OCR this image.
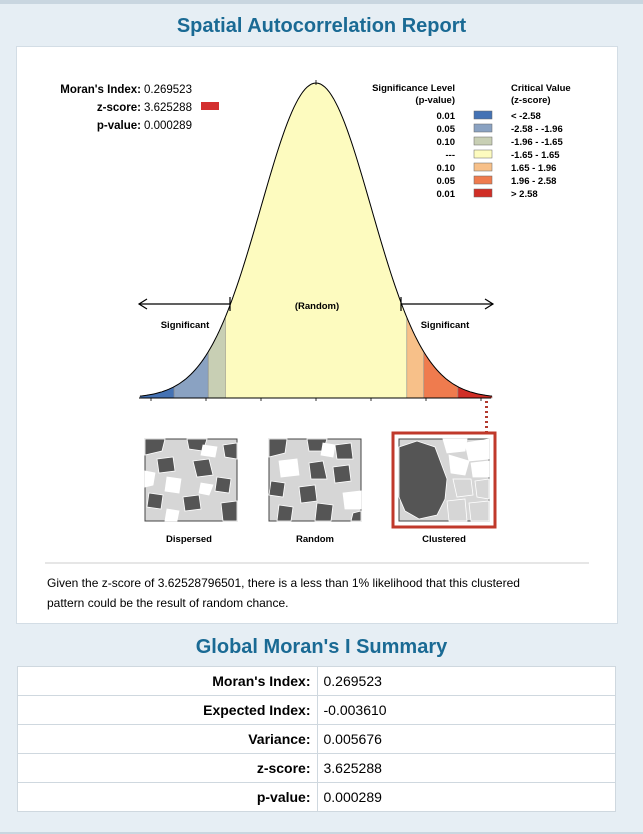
Spatial Autocorrelation Report
Moran's Index: 0.269523
z-score: 3.625288
p-value: 0.000289
Significance Level
(p-value)
Critical Value
(z-score)
0.01	< -2.58
0.05	-2.58 - -1.96
0.10	-1.96 - -1.65
---	-1.65 - 1.65
0.10	1.65 - 1.96
0.05	1.96 - 2.58
0.01	> 2.58
Significant	Significant
(Random)
Dispersed	Random	Clustered
Given the z-score of 3.62528796501, there is a less than 1% likelihood that this clustered
pattern could be the result of random chance.
Global Moran's I Summary
Moran's Index:	0.269523
Expected Index:	-0.003610
Variance:	0.005676
z-score:	3.625288
p-value:	0.000289
